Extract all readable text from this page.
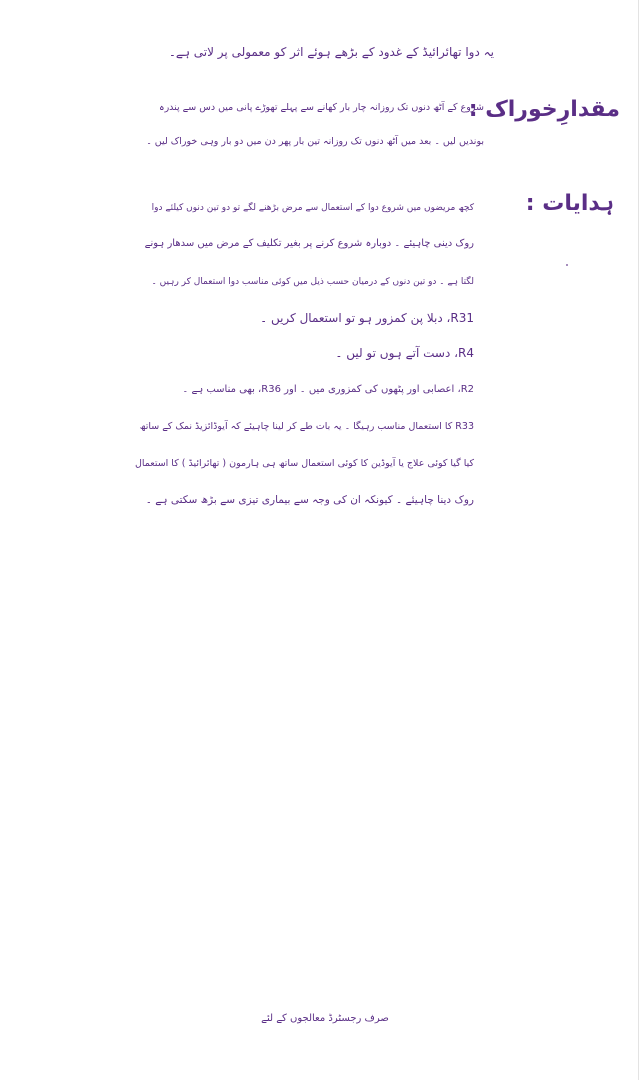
یہ دوا تھائرائیڈ کے غدود کے بڑھے ہوئے اثر کو معمولی پر لاتی ہے۔
مقدارِخوراک :
شروع کے آٹھ دنوں تک روزانہ چار بار کھانے سے پہلے تھوڑے پانی میں دس سے پندرہ
بوندیں لیں ۔ بعد میں آٹھ دنوں تک روزانہ تین بار پھر دن میں دو بار وہی خوراک لیں ۔
ہدایات :
کچھ مریضوں میں شروع دوا کے استعمال سے مرض بڑھنے لگے تو دو تین دنوں کیلئے دوا
روک دینی چاہیئے ۔ دوبارہ شروع کرنے پر بغیر تکلیف کے مرض میں سدھار ہونے
لگتا ہے ۔ دو تین دنوں کے درمیان حسب ذیل میں کوئی مناسب دوا استعمال کر رہیں ۔
R31، دبلا پن کمزور ہو تو استعمال کریں ۔
R4، دست آتے ہوں تو لیں ۔
R2، اعصابی اور پٹھوں کی کمزوری میں ۔ اور R36، بھی مناسب ہے ۔
R33 کا استعمال مناسب رہیگا ۔ یہ بات طے کر لینا چاہیئے کہ آیوڈائزیڈ نمک کے ساتھ
کیا گیا کوئی علاج یا آیوڈین کا کوئی استعمال ساتھ ہی ہارمون ( تھائرائیڈ ) کا استعمال
روک دینا چاہیئے ۔ کیونکہ ان کی وجہ سے بیماری تیزی سے بڑھ سکتی ہے ۔
صرف رجسٹرڈ معالجوں کے لئے
